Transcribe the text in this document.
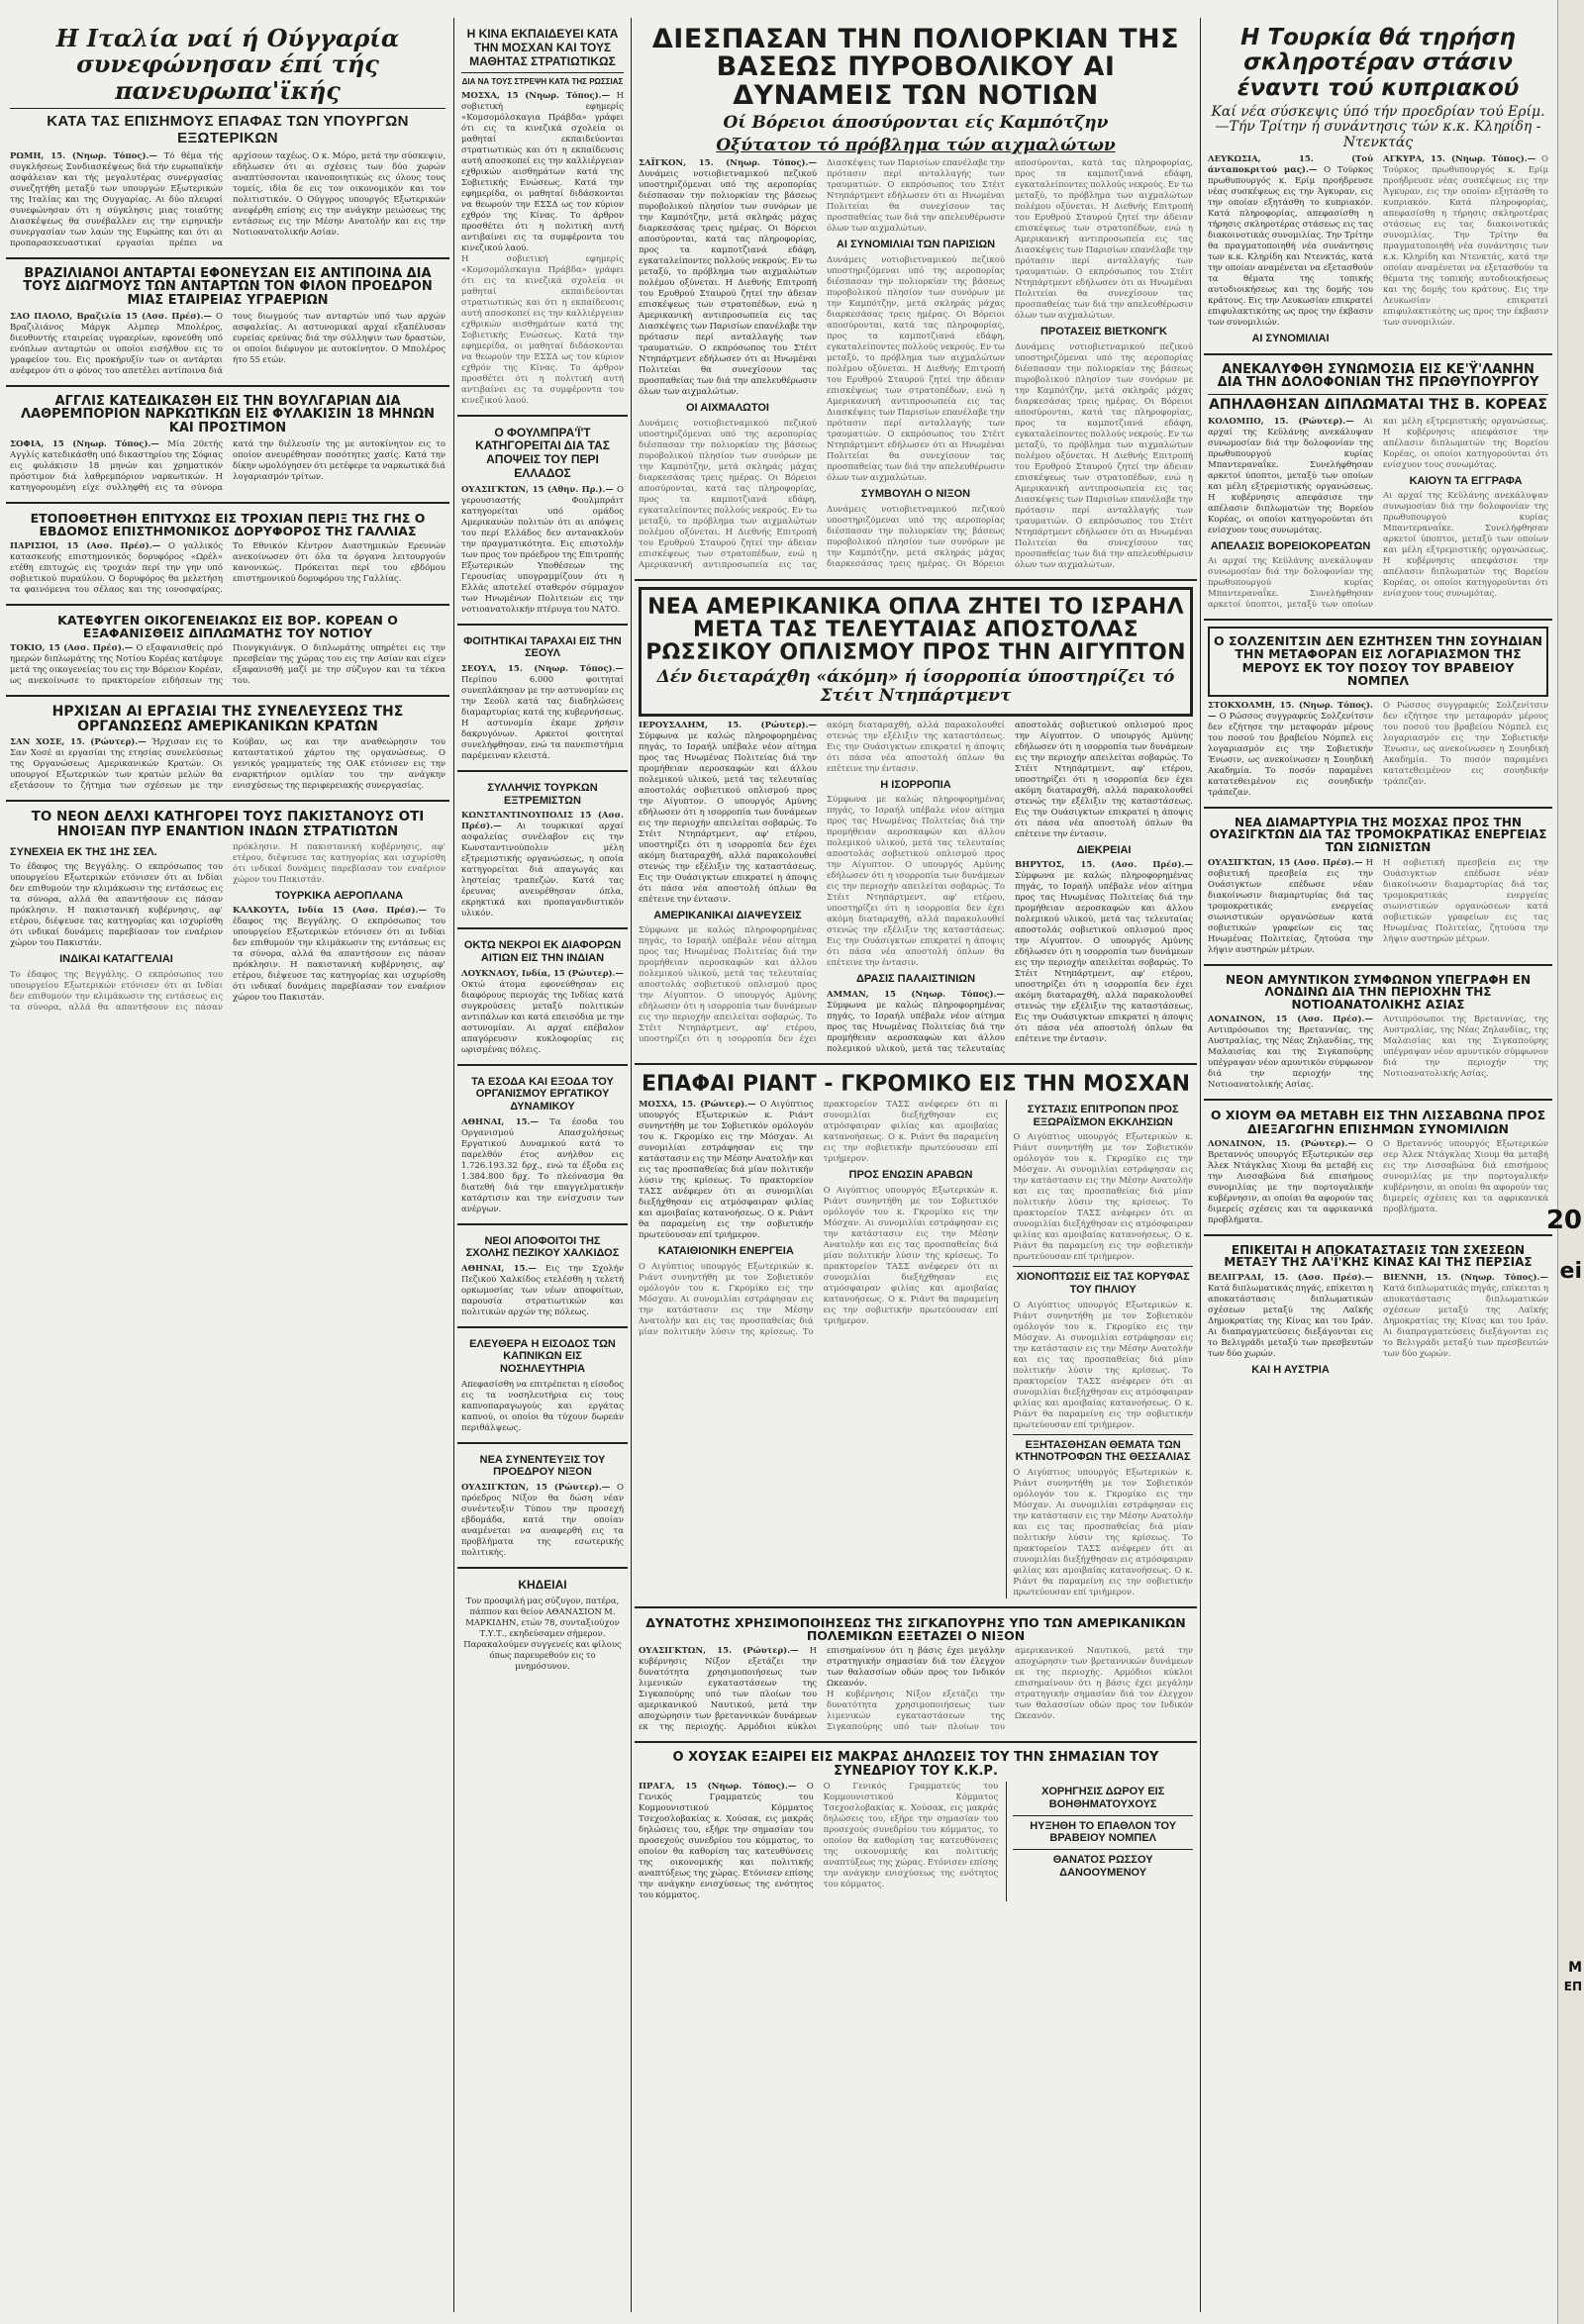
Η Ιταλία ναί ή Ούγγαρία συνεφώνησαν έπί τής πανευρωπα'ϊκής
ΚΑΤΑ ΤΑΣ ΕΠΙΣΗΜΟΥΣ ΕΠΑΦΑΣ ΤΩΝ ΥΠΟΥΡΓΩΝ ΕΞΩΤΕΡΙΚΩΝ

ΡΩΜΗ, 15. (Νηωρ. Τόπος).— Τό θέμα τής συγκλήσεως Συνδιασκέψεως διά τήν ευρωπαϊκήν ασφάλειαν και τής μεγαλυτέρας συνεργασίας συνεζητήθη μεταξύ των υπουργών Εξωτερικών της Ιταλίας και της Ουγγαρίας. Αι δύο πλευραί συνεφώνησαν ότι η σύγκλησις μιας τοιαύτης Διασκέψεως θα συνέβαλλεν εις την ειρηνικήν συνεργασίαν των λαών της Ευρώπης και ότι αι προπαρασκευαστικαί εργασίαι πρέπει να αρχίσουν ταχέως. Ο κ. Μόρο, μετά την σύσκεψιν, εδήλωσεν ότι αι σχέσεις των δύο χωρών αναπτύσσονται ικανοποιητικώς εις όλους τους τομείς, ιδία δε εις τον οικονομικόν και τον πολιτιστικόν. Ο Ούγγρος υπουργός Εξωτερικών ανεφέρθη επίσης εις την ανάγκην μειώσεως της εντάσεως εις την Μέσην Ανατολήν και εις την Νοτιοανατολικήν Ασίαν.

ΒΡΑΖΙΛΙΑΝΟΙ ΑΝΤΑΡΤΑΙ ΕΦΟΝΕΥΣΑΝ ΕΙΣ ΑΝΤΙΠΟΙΝΑ ΔΙΑ ΤΟΥΣ ΔΙΩΓΜΟΥΣ ΤΩΝ ΑΝΤΑΡΤΩΝ ΤΟΝ ΦΙΛΟΝ ΠΡΟΕΔΡΟΝ ΜΙΑΣ ΕΤΑΙΡΕΙΑΣ ΥΓΡΑΕΡΙΩΝ

ΣΑΟ ΠΑΟΛΟ, Βραζιλία 15 (Ασσ. Πρέσ).— Ο Βραζιλιάνος Μάργκ Αλμπερ Μπολέρος, διευθυντής εταιρείας υγραερίων, εφονεύθη υπό ενόπλων ανταρτών οι οποίοι εισήλθον εις το γραφείον του. Εις προκήρυξίν των οι αντάρται ανέφερον ότι ο φόνος του απετέλει αντίποινα διά τους διωγμούς των ανταρτών υπό των αρχών ασφαλείας. Αι αστυνομικαί αρχαί εξαπέλυσαν ευρείας ερεύνας διά την σύλληψιν των δραστών, οι οποίοι διέφυγον με αυτοκίνητον. Ο Μπολέρος ήτο 55 ετών.

ΑΓΓΛΙΣ ΚΑΤΕΔΙΚΑΣΘΗ ΕΙΣ ΤΗΝ ΒΟΥΛΓΑΡΙΑΝ ΔΙΑ ΛΑΘΡΕΜΠΟΡΙΟΝ ΝΑΡΚΩΤΙΚΩΝ ΕΙΣ ΦΥΛΑΚΙΣΙΝ 18 ΜΗΝΩΝ ΚΑΙ ΠΡΟΣΤΙΜΟΝ

ΣΟΦΙΑ, 15 (Νηωρ. Τόπος).— Μία 20ετής Αγγλίς κατεδικάσθη υπό δικαστηρίου της Σόφιας εις φυλάκισιν 18 μηνών και χρηματικόν πρόστιμον διά λαθρεμπόριον ναρκωτικών. Η κατηγορουμένη είχε συλληφθή εις τα σύνορα κατά την διέλευσίν της με αυτοκίνητον εις το οποίον ανευρέθησαν ποσότητες χασίς. Κατά την δίκην ωμολόγησεν ότι μετέφερε τα ναρκωτικά διά λογαριασμόν τρίτων.

ΕΤΟΠΟΘΕΤΗΘΗ ΕΠΙΤΥΧΩΣ ΕΙΣ ΤΡΟΧΙΑΝ ΠΕΡΙΞ ΤΗΣ ΓΗΣ Ο ΕΒΔΟΜΟΣ ΕΠΙΣΤΗΜΟΝΙΚΟΣ ΔΟΡΥΦΟΡΟΣ ΤΗΣ ΓΑΛΛΙΑΣ

ΠΑΡΙΣΙΟΙ, 15 (Ασσ. Πρέσ).— Ο γαλλικός κατασκευής επιστημονικός δορυφόρος «Ωρέλ» ετέθη επιτυχώς εις τροχιάν περί την γην υπό σοβιετικού πυραύλου. Ο δορυφόρος θα μελετήση τα φαινόμενα του σέλαος και της ιονοσφαίρας. Το Εθνικόν Κέντρον Διαστημικών Ερευνών ανεκοίνωσεν ότι όλα τα όργανα λειτουργούν κανονικώς. Πρόκειται περί του εβδόμου επιστημονικού δορυφόρου της Γαλλίας.

ΚΑΤΕΦΥΓΕΝ ΟΙΚΟΓΕΝΕΙΑΚΩΣ ΕΙΣ ΒΟΡ. ΚΟΡΕΑΝ Ο ΕΞΑΦΑΝΙΣΘΕΙΣ ΔΙΠΛΩΜΑΤΗΣ ΤΟΥ ΝΟΤΙΟΥ

ΤΟΚΙΟ, 15 (Ασσ. Πρέσ).— Ο εξαφανισθείς πρό ημερών διπλωμάτης της Νοτίου Κορέας κατέφυγε μετά της οικογενείας του εις την Βόρειον Κορέαν, ως ανεκοίνωσε το πρακτορείον ειδήσεων της Πιονγκγιάνγκ. Ο διπλωμάτης υπηρέτει εις την πρεσβείαν της χώρας του εις την Ασίαν και είχεν εξαφανισθή μαζί με την σύζυγον και τα τέκνα του.

ΗΡΧΙΣΑΝ ΑΙ ΕΡΓΑΣΙΑΙ ΤΗΣ ΣΥΝΕΛΕΥΣΕΩΣ ΤΗΣ ΟΡΓΑΝΩΣΕΩΣ ΑΜΕΡΙΚΑΝΙΚΩΝ ΚΡΑΤΩΝ

ΣΑΝ ΧΟΣΕ, 15. (Ρώυτερ).— Ήρχισαν εις το Σαν Χοσέ αι εργασίαι της ετησίας συνελεύσεως της Οργανώσεως Αμερικανικών Κρατών. Οι υπουργοί Εξωτερικών των κρατών μελών θα εξετάσουν το ζήτημα των σχέσεων με την Κούβαν, ως και την αναθεώρησιν του καταστατικού χάρτου της οργανώσεως. Ο γενικός γραμματεύς της ΟΑΚ ετόνισεν εις την εναρκτήριον ομιλίαν του την ανάγκην ενισχύσεως της περιφερειακής συνεργασίας.

ΤΟ ΝΕΟΝ ΔΕΛΧΙ ΚΑΤΗΓΟΡΕΙ ΤΟΥΣ ΠΑΚΙΣΤΑΝΟΥΣ ΟΤΙ ΗΝΟΙΞΑΝ ΠΥΡ ΕΝΑΝΤΙΟΝ ΙΝΔΩΝ ΣΤΡΑΤΙΩΤΩΝ
ΣΥΝΕΧΕΙΑ ΕΚ ΤΗΣ 1ΗΣ ΣΕΛ.

Το έδαφος της Βεγγάλης. Ο εκπρόσωπος του υπουργείου Εξωτερικών ετόνισεν ότι αι Ινδίαι δεν επιθυμούν την κλιμάκωσιν της εντάσεως εις τα σύνορα, αλλά θα απαντήσουν εις πάσαν πρόκλησιν. Η πακιστανική κυβέρνησις, αφ' ετέρου, διέψευσε τας κατηγορίας και ισχυρίσθη ότι ινδικαί δυνάμεις παρεβίασαν τον εναέριον χώρον του Πακιστάν.

ΙΝΔΙΚΑΙ ΚΑΤΑΓΓΕΛΙΑΙ

Το έδαφος της Βεγγάλης. Ο εκπρόσωπος του υπουργείου Εξωτερικών ετόνισεν ότι αι Ινδίαι δεν επιθυμούν την κλιμάκωσιν της εντάσεως εις τα σύνορα, αλλά θα απαντήσουν εις πάσαν πρόκλησιν. Η πακιστανική κυβέρνησις, αφ' ετέρου, διέψευσε τας κατηγορίας και ισχυρίσθη ότι ινδικαί δυνάμεις παρεβίασαν τον εναέριον χώρον του Πακιστάν.

ΤΟΥΡΚΙΚΑ ΑΕΡΟΠΛΑΝΑ

ΚΑΛΚΟΥΤΑ, Ινδία 15 (Ασσ. Πρέσ).— Το έδαφος της Βεγγάλης. Ο εκπρόσωπος του υπουργείου Εξωτερικών ετόνισεν ότι αι Ινδίαι δεν επιθυμούν την κλιμάκωσιν της εντάσεως εις τα σύνορα, αλλά θα απαντήσουν εις πάσαν πρόκλησιν. Η πακιστανική κυβέρνησις, αφ' ετέρου, διέψευσε τας κατηγορίας και ισχυρίσθη ότι ινδικαί δυνάμεις παρεβίασαν τον εναέριον χώρον του Πακιστάν.

Η ΚΙΝΑ ΕΚΠΑΙΔΕΥΕΙ ΚΑΤΑ ΤΗΝ ΜΟΣΧΑΝ ΚΑΙ ΤΟΥΣ ΜΑΘΗΤΑΣ ΣΤΡΑΤΙΩΤΙΚΩΣ
ΔΙΑ ΝΑ ΤΟΥΣ ΣΤΡΕΨΗ ΚΑΤΑ ΤΗΣ ΡΩΣΣΙΑΣ

ΜΟΣΧΑ, 15 (Νηωρ. Τόπος).— Η σοβιετική εφημερίς «Κομσομόλσκαγια Πράβδα» γράφει ότι εις τα κινεζικά σχολεία οι μαθηταί εκπαιδεύονται στρατιωτικώς και ότι η εκπαίδευσις αυτή αποσκοπεί εις την καλλιέργειαν εχθρικών αισθημάτων κατά της Σοβιετικής Ενώσεως. Κατά την εφημερίδα, οι μαθηταί διδάσκονται να θεωρούν την ΕΣΣΔ ως τον κύριον εχθρόν της Κίνας. Το άρθρον προσθέτει ότι η πολιτική αυτή αντιβαίνει εις τα συμφέροντα του κινεζικού λαού.

Η σοβιετική εφημερίς «Κομσομόλσκαγια Πράβδα» γράφει ότι εις τα κινεζικά σχολεία οι μαθηταί εκπαιδεύονται στρατιωτικώς και ότι η εκπαίδευσις αυτή αποσκοπεί εις την καλλιέργειαν εχθρικών αισθημάτων κατά της Σοβιετικής Ενώσεως. Κατά την εφημερίδα, οι μαθηταί διδάσκονται να θεωρούν την ΕΣΣΔ ως τον κύριον εχθρόν της Κίνας. Το άρθρον προσθέτει ότι η πολιτική αυτή αντιβαίνει εις τα συμφέροντα του κινεζικού λαού.

Ο ΦΟΥΛΜΠΡΑ'Ϊ'Τ ΚΑΤΗΓΟΡΕΙΤΑΙ ΔΙΑ ΤΑΣ ΑΠΟΨΕΙΣ ΤΟΥ ΠΕΡΙ ΕΛΛΑΔΟΣ

ΟΥΑΣΙΓΚΤΩΝ, 15 (Αθην. Πρ.).— Ο γερουσιαστής Φουλμπράιτ κατηγορείται υπό ομάδος Αμερικανών πολιτών ότι αι απόψεις του περί Ελλάδος δεν αντανακλούν την πραγματικότητα. Εις επιστολήν των προς τον πρόεδρον της Επιτροπής Εξωτερικών Υποθέσεων της Γερουσίας υπογραμμίζουν ότι η Ελλάς αποτελεί σταθερόν σύμμαχον των Ηνωμένων Πολιτειών εις την νοτιοανατολικήν πτέρυγα του ΝΑΤΟ.

ΦΟΙΤΗΤΙΚΑΙ ΤΑΡΑΧΑΙ ΕΙΣ ΤΗΝ ΣΕΟΥΛ

ΣΕΟΥΛ, 15. (Νηωρ. Τόπος).— Περίπου 6.000 φοιτηταί συνεπλάκησαν με την αστυνομίαν εις την Σεούλ κατά τας διαδηλώσεις διαμαρτυρίας κατά της κυβερνήσεως. Η αστυνομία έκαμε χρήσιν δακρυγόνων. Αρκετοί φοιτηταί συνελήφθησαν, ενώ τα πανεπιστήμια παρέμειναν κλειστά.

ΣΥΛΛΗΨΙΣ ΤΟΥΡΚΩΝ ΕΞΤΡΕΜΙΣΤΩΝ

ΚΩΝΣΤΑΝΤΙΝΟΥΠΟΛΙΣ 15 (Ασσ. Πρέσ).— Αι τουρκικαί αρχαί ασφαλείας συνέλαβον εις την Κωνσταντινούπολιν μέλη εξτρεμιστικής οργανώσεως, η οποία κατηγορείται διά απαγωγάς και ληστείας τραπεζών. Κατά τας έρευνας ανευρέθησαν όπλα, εκρηκτικά και προπαγανδιστικόν υλικόν.

ΟΚΤΩ ΝΕΚΡΟΙ ΕΚ ΔΙΑΦΟΡΩΝ ΑΙΤΙΩΝ ΕΙΣ ΤΗΝ ΙΝΔΙΑΝ

ΛΟΥΚΝΑΟΥ, Ινδία, 15 (Ρώυτερ).— Οκτώ άτομα εφονεύθησαν εις διαφόρους περιοχάς της Ινδίας κατά συγκρούσεις μεταξύ πολιτικών αντιπάλων και κατά επεισόδια με την αστυνομίαν. Αι αρχαί επέβαλον απαγόρευσιν κυκλοφορίας εις ωρισμένας πόλεις.

ΤΑ ΕΣΟΔΑ ΚΑΙ ΕΞΟΔΑ ΤΟΥ ΟΡΓΑΝΙΣΜΟΥ ΕΡΓΑΤΙΚΟΥ ΔΥΝΑΜΙΚΟΥ

ΑΘΗΝΑΙ, 15.— Τα έσοδα του Οργανισμού Απασχολήσεως Εργατικού Δυναμικού κατά το παρελθόν έτος ανήλθον εις 1.726.193.32 δρχ., ενώ τα έξοδα εις 1.384.800 δρχ. Το πλεόνασμα θα διατεθή διά την επαγγελματικήν κατάρτισιν και την ενίσχυσιν των ανέργων.

ΝΕΟΙ ΑΠΟΦΟΙΤΟΙ ΤΗΣ ΣΧΟΛΗΣ ΠΕΖΙΚΟΥ ΧΑΛΚΙΔΟΣ

ΑΘΗΝΑΙ, 15.— Εις την Σχολήν Πεζικού Χαλκίδος ετελέσθη η τελετή ορκωμοσίας των νέων αποφοίτων, παρουσία στρατιωτικών και πολιτικών αρχών της πόλεως.

ΕΛΕΥΘΕΡΑ Η ΕΙΣΟΔΟΣ ΤΩΝ ΚΑΠΝΙΚΩΝ ΕΙΣ ΝΟΣΗΛΕΥΤΗΡΙΑ

Απεφασίσθη να επιτρέπεται η είσοδος εις τα νοσηλευτήρια εις τους καπνοπαραγωγούς και εργάτας καπνού, οι οποίοι θα τύχουν δωρεάν περιθάλψεως.

ΝΕΑ ΣΥΝΕΝΤΕΥΞΙΣ ΤΟΥ ΠΡΟΕΔΡΟΥ ΝΙΞΟΝ

ΟΥΑΣΙΓΚΤΩΝ, 15 (Ρώυτερ).— Ο πρόεδρος Νίξον θα δώση νέαν συνέντευξιν Τύπου την προσεχή εβδομάδα, κατά την οποίαν αναμένεται να αναφερθή εις τα προβλήματα της εσωτερικής πολιτικής.

ΚΗΔΕΙΑΙ

Τον προσφιλή μας σύζυγον, πατέρα, πάππον και θείον ΑΘΑΝΑΣΙΟΝ Μ. ΜΑΡΚΙΔΗΝ, ετών 78, συνταξιούχον Τ.Υ.Τ., εκηδεύσαμεν σήμερον. Παρακαλούμεν συγγενείς και φίλους όπως παρευρεθούν εις το μνημόσυνον.

ΔΙΕΣΠΑΣΑΝ ΤΗΝ ΠΟΛΙΟΡΚΙΑΝ ΤΗΣ ΒΑΣΕΩΣ ΠΥΡΟΒΟΛΙΚΟΥ ΑΙ ΔΥΝΑΜΕΙΣ ΤΩΝ ΝΟΤΙΩΝ
Οί Βόρειοι άποσύρονται είς Καμπότζην
Οξύτατον τό πρόβλημα τών αιχμαλώτων

ΣΑΪΓΚΟΝ, 15. (Νηωρ. Τόπος).— Δυνάμεις νοτιοβιετναμικού πεζικού υποστηριζόμεναι υπό της αεροπορίας διέσπασαν την πολιορκίαν της βάσεως πυροβολικού πλησίον των συνόρων με την Καμπότζην, μετά σκληράς μάχας διαρκεσάσας τρεις ημέρας. Οι Βόρειοι αποσύρονται, κατά τας πληροφορίας, προς τα καμποτζιανά εδάφη, εγκαταλείποντες πολλούς νεκρούς. Εν τω μεταξύ, το πρόβλημα των αιχμαλώτων πολέμου οξύνεται. Η Διεθνής Επιτροπή του Ερυθρού Σταυρού ζητεί την άδειαν επισκέψεως των στρατοπέδων, ενώ η Αμερικανική αντιπροσωπεία εις τας Διασκέψεις των Παρισίων επανέλαβε την πρότασιν περί ανταλλαγής των τραυματιών. Ο εκπρόσωπος του Στέιτ Ντηπάρτμεντ εδήλωσεν ότι αι Ηνωμέναι Πολιτείαι θα συνεχίσουν τας προσπαθείας των διά την απελευθέρωσιν όλων των αιχμαλώτων.

ΟΙ ΑΙΧΜΑΛΩΤΟΙ

Δυνάμεις νοτιοβιετναμικού πεζικού υποστηριζόμεναι υπό της αεροπορίας διέσπασαν την πολιορκίαν της βάσεως πυροβολικού πλησίον των συνόρων με την Καμπότζην, μετά σκληράς μάχας διαρκεσάσας τρεις ημέρας. Οι Βόρειοι αποσύρονται, κατά τας πληροφορίας, προς τα καμποτζιανά εδάφη, εγκαταλείποντες πολλούς νεκρούς. Εν τω μεταξύ, το πρόβλημα των αιχμαλώτων πολέμου οξύνεται. Η Διεθνής Επιτροπή του Ερυθρού Σταυρού ζητεί την άδειαν επισκέψεως των στρατοπέδων, ενώ η Αμερικανική αντιπροσωπεία εις τας Διασκέψεις των Παρισίων επανέλαβε την πρότασιν περί ανταλλαγής των τραυματιών. Ο εκπρόσωπος του Στέιτ Ντηπάρτμεντ εδήλωσεν ότι αι Ηνωμέναι Πολιτείαι θα συνεχίσουν τας προσπαθείας των διά την απελευθέρωσιν όλων των αιχμαλώτων.

ΑΙ ΣΥΝΟΜΙΛΙΑΙ ΤΩΝ ΠΑΡΙΣΙΩΝ

Δυνάμεις νοτιοβιετναμικού πεζικού υποστηριζόμεναι υπό της αεροπορίας διέσπασαν την πολιορκίαν της βάσεως πυροβολικού πλησίον των συνόρων με την Καμπότζην, μετά σκληράς μάχας διαρκεσάσας τρεις ημέρας. Οι Βόρειοι αποσύρονται, κατά τας πληροφορίας, προς τα καμποτζιανά εδάφη, εγκαταλείποντες πολλούς νεκρούς. Εν τω μεταξύ, το πρόβλημα των αιχμαλώτων πολέμου οξύνεται. Η Διεθνής Επιτροπή του Ερυθρού Σταυρού ζητεί την άδειαν επισκέψεως των στρατοπέδων, ενώ η Αμερικανική αντιπροσωπεία εις τας Διασκέψεις των Παρισίων επανέλαβε την πρότασιν περί ανταλλαγής των τραυματιών. Ο εκπρόσωπος του Στέιτ Ντηπάρτμεντ εδήλωσεν ότι αι Ηνωμέναι Πολιτείαι θα συνεχίσουν τας προσπαθείας των διά την απελευθέρωσιν όλων των αιχμαλώτων.

ΣΥΜΒΟΥΛΗ Ο ΝΙΞΟΝ

Δυνάμεις νοτιοβιετναμικού πεζικού υποστηριζόμεναι υπό της αεροπορίας διέσπασαν την πολιορκίαν της βάσεως πυροβολικού πλησίον των συνόρων με την Καμπότζην, μετά σκληράς μάχας διαρκεσάσας τρεις ημέρας. Οι Βόρειοι αποσύρονται, κατά τας πληροφορίας, προς τα καμποτζιανά εδάφη, εγκαταλείποντες πολλούς νεκρούς. Εν τω μεταξύ, το πρόβλημα των αιχμαλώτων πολέμου οξύνεται. Η Διεθνής Επιτροπή του Ερυθρού Σταυρού ζητεί την άδειαν επισκέψεως των στρατοπέδων, ενώ η Αμερικανική αντιπροσωπεία εις τας Διασκέψεις των Παρισίων επανέλαβε την πρότασιν περί ανταλλαγής των τραυματιών. Ο εκπρόσωπος του Στέιτ Ντηπάρτμεντ εδήλωσεν ότι αι Ηνωμέναι Πολιτείαι θα συνεχίσουν τας προσπαθείας των διά την απελευθέρωσιν όλων των αιχμαλώτων.

ΠΡΟΤΑΣΕΙΣ ΒΙΕΤΚΟΝΓΚ

Δυνάμεις νοτιοβιετναμικού πεζικού υποστηριζόμεναι υπό της αεροπορίας διέσπασαν την πολιορκίαν της βάσεως πυροβολικού πλησίον των συνόρων με την Καμπότζην, μετά σκληράς μάχας διαρκεσάσας τρεις ημέρας. Οι Βόρειοι αποσύρονται, κατά τας πληροφορίας, προς τα καμποτζιανά εδάφη, εγκαταλείποντες πολλούς νεκρούς. Εν τω μεταξύ, το πρόβλημα των αιχμαλώτων πολέμου οξύνεται. Η Διεθνής Επιτροπή του Ερυθρού Σταυρού ζητεί την άδειαν επισκέψεως των στρατοπέδων, ενώ η Αμερικανική αντιπροσωπεία εις τας Διασκέψεις των Παρισίων επανέλαβε την πρότασιν περί ανταλλαγής των τραυματιών. Ο εκπρόσωπος του Στέιτ Ντηπάρτμεντ εδήλωσεν ότι αι Ηνωμέναι Πολιτείαι θα συνεχίσουν τας προσπαθείας των διά την απελευθέρωσιν όλων των αιχμαλώτων.

ΝΕΑ ΑΜΕΡΙΚΑΝΙΚΑ ΟΠΛΑ ΖΗΤΕΙ ΤΟ ΙΣΡΑΗΛ ΜΕΤΑ ΤΑΣ ΤΕΛΕΥΤΑΙΑΣ ΑΠΟΣΤΟΛΑΣ ΡΩΣΣΙΚΟΥ ΟΠΛΙΣΜΟΥ ΠΡΟΣ ΤΗΝ ΑΙΓΥΠΤΟΝ
Δέν διεταράχθη «άκόμη» ή ίσορροπία ύποστηρίζει τό Στέιτ Ντηπάρτμεντ

ΙΕΡΟΥΣΑΛΗΜ, 15. (Ρώυτερ).— Σύμφωνα με καλώς πληροφορημένας πηγάς, το Ισραήλ υπέβαλε νέον αίτημα προς τας Ηνωμένας Πολιτείας διά την προμήθειαν αεροσκαφών και άλλου πολεμικού υλικού, μετά τας τελευταίας αποστολάς σοβιετικού οπλισμού προς την Αίγυπτον. Ο υπουργός Αμύνης εδήλωσεν ότι η ισορροπία των δυνάμεων εις την περιοχήν απειλείται σοβαρώς. Το Στέιτ Ντηπάρτμεντ, αφ' ετέρου, υποστηρίζει ότι η ισορροπία δεν έχει ακόμη διαταραχθή, αλλά παρακολουθεί στενώς την εξέλιξιν της καταστάσεως. Εις την Ουάσιγκτων επικρατεί η άποψις ότι πάσα νέα αποστολή όπλων θα επέτεινε την έντασιν.

ΑΜΕΡΙΚΑΝΙΚΑΙ ΔΙΑΨΕΥΣΕΙΣ

Σύμφωνα με καλώς πληροφορημένας πηγάς, το Ισραήλ υπέβαλε νέον αίτημα προς τας Ηνωμένας Πολιτείας διά την προμήθειαν αεροσκαφών και άλλου πολεμικού υλικού, μετά τας τελευταίας αποστολάς σοβιετικού οπλισμού προς την Αίγυπτον. Ο υπουργός Αμύνης εδήλωσεν ότι η ισορροπία των δυνάμεων εις την περιοχήν απειλείται σοβαρώς. Το Στέιτ Ντηπάρτμεντ, αφ' ετέρου, υποστηρίζει ότι η ισορροπία δεν έχει ακόμη διαταραχθή, αλλά παρακολουθεί στενώς την εξέλιξιν της καταστάσεως. Εις την Ουάσιγκτων επικρατεί η άποψις ότι πάσα νέα αποστολή όπλων θα επέτεινε την έντασιν.

Η ΙΣΟΡΡΟΠΙΑ

Σύμφωνα με καλώς πληροφορημένας πηγάς, το Ισραήλ υπέβαλε νέον αίτημα προς τας Ηνωμένας Πολιτείας διά την προμήθειαν αεροσκαφών και άλλου πολεμικού υλικού, μετά τας τελευταίας αποστολάς σοβιετικού οπλισμού προς την Αίγυπτον. Ο υπουργός Αμύνης εδήλωσεν ότι η ισορροπία των δυνάμεων εις την περιοχήν απειλείται σοβαρώς. Το Στέιτ Ντηπάρτμεντ, αφ' ετέρου, υποστηρίζει ότι η ισορροπία δεν έχει ακόμη διαταραχθή, αλλά παρακολουθεί στενώς την εξέλιξιν της καταστάσεως. Εις την Ουάσιγκτων επικρατεί η άποψις ότι πάσα νέα αποστολή όπλων θα επέτεινε την έντασιν.

ΔΡΑΣΙΣ ΠΑΛΑΙΣΤΙΝΙΩΝ

ΑΜΜΑΝ, 15 (Νηωρ. Τόπος).— Σύμφωνα με καλώς πληροφορημένας πηγάς, το Ισραήλ υπέβαλε νέον αίτημα προς τας Ηνωμένας Πολιτείας διά την προμήθειαν αεροσκαφών και άλλου πολεμικού υλικού, μετά τας τελευταίας αποστολάς σοβιετικού οπλισμού προς την Αίγυπτον. Ο υπουργός Αμύνης εδήλωσεν ότι η ισορροπία των δυνάμεων εις την περιοχήν απειλείται σοβαρώς. Το Στέιτ Ντηπάρτμεντ, αφ' ετέρου, υποστηρίζει ότι η ισορροπία δεν έχει ακόμη διαταραχθή, αλλά παρακολουθεί στενώς την εξέλιξιν της καταστάσεως. Εις την Ουάσιγκτων επικρατεί η άποψις ότι πάσα νέα αποστολή όπλων θα επέτεινε την έντασιν.

ΔΙΕΚΡΕΙΑΙ

ΒΗΡΥΤΟΣ, 15. (Ασσ. Πρέσ).— Σύμφωνα με καλώς πληροφορημένας πηγάς, το Ισραήλ υπέβαλε νέον αίτημα προς τας Ηνωμένας Πολιτείας διά την προμήθειαν αεροσκαφών και άλλου πολεμικού υλικού, μετά τας τελευταίας αποστολάς σοβιετικού οπλισμού προς την Αίγυπτον. Ο υπουργός Αμύνης εδήλωσεν ότι η ισορροπία των δυνάμεων εις την περιοχήν απειλείται σοβαρώς. Το Στέιτ Ντηπάρτμεντ, αφ' ετέρου, υποστηρίζει ότι η ισορροπία δεν έχει ακόμη διαταραχθή, αλλά παρακολουθεί στενώς την εξέλιξιν της καταστάσεως. Εις την Ουάσιγκτων επικρατεί η άποψις ότι πάσα νέα αποστολή όπλων θα επέτεινε την έντασιν.

ΕΠΑΦΑΙ ΡΙΑΝΤ - ΓΚΡΟΜΙΚΟ ΕΙΣ ΤΗΝ ΜΟΣΧΑΝ

ΜΟΣΧΑ, 15. (Ρώυτερ).— Ο Αιγύπτιος υπουργός Εξωτερικών κ. Ριάντ συνηντήθη με τον Σοβιετικόν ομόλογόν του κ. Γκρομίκο εις την Μόσχαν. Αι συνομιλίαι εστράφησαν εις την κατάστασιν εις την Μέσην Ανατολήν και εις τας προσπαθείας διά μίαν πολιτικήν λύσιν της κρίσεως. Το πρακτορείον ΤΑΣΣ ανέφερεν ότι αι συνομιλίαι διεξήχθησαν εις ατμόσφαιραν φιλίας και αμοιβαίας κατανοήσεως. Ο κ. Ριάντ θα παραμείνη εις την σοβιετικήν πρωτεύουσαν επί τριήμερον.

ΚΑΤΑΙΘΙΟΝΙΚΗ ΕΝΕΡΓΕΙΑ

Ο Αιγύπτιος υπουργός Εξωτερικών κ. Ριάντ συνηντήθη με τον Σοβιετικόν ομόλογόν του κ. Γκρομίκο εις την Μόσχαν. Αι συνομιλίαι εστράφησαν εις την κατάστασιν εις την Μέσην Ανατολήν και εις τας προσπαθείας διά μίαν πολιτικήν λύσιν της κρίσεως. Το πρακτορείον ΤΑΣΣ ανέφερεν ότι αι συνομιλίαι διεξήχθησαν εις ατμόσφαιραν φιλίας και αμοιβαίας κατανοήσεως. Ο κ. Ριάντ θα παραμείνη εις την σοβιετικήν πρωτεύουσαν επί τριήμερον.

ΠΡΟΣ ΕΝΩΣΙΝ ΑΡΑΒΩΝ

Ο Αιγύπτιος υπουργός Εξωτερικών κ. Ριάντ συνηντήθη με τον Σοβιετικόν ομόλογόν του κ. Γκρομίκο εις την Μόσχαν. Αι συνομιλίαι εστράφησαν εις την κατάστασιν εις την Μέσην Ανατολήν και εις τας προσπαθείας διά μίαν πολιτικήν λύσιν της κρίσεως. Το πρακτορείον ΤΑΣΣ ανέφερεν ότι αι συνομιλίαι διεξήχθησαν εις ατμόσφαιραν φιλίας και αμοιβαίας κατανοήσεως. Ο κ. Ριάντ θα παραμείνη εις την σοβιετικήν πρωτεύουσαν επί τριήμερον.

ΣΥΣΤΑΣΙΣ ΕΠΙΤΡΟΠΩΝ ΠΡΟΣ ΕΞΩΡΑΪΣΜΟΝ ΕΚΚΛΗΣΙΩΝ

Ο Αιγύπτιος υπουργός Εξωτερικών κ. Ριάντ συνηντήθη με τον Σοβιετικόν ομόλογόν του κ. Γκρομίκο εις την Μόσχαν. Αι συνομιλίαι εστράφησαν εις την κατάστασιν εις την Μέσην Ανατολήν και εις τας προσπαθείας διά μίαν πολιτικήν λύσιν της κρίσεως. Το πρακτορείον ΤΑΣΣ ανέφερεν ότι αι συνομιλίαι διεξήχθησαν εις ατμόσφαιραν φιλίας και αμοιβαίας κατανοήσεως. Ο κ. Ριάντ θα παραμείνη εις την σοβιετικήν πρωτεύουσαν επί τριήμερον.

ΧΙΟΝΟΠΤΩΣΙΣ ΕΙΣ ΤΑΣ ΚΟΡΥΦΑΣ ΤΟΥ ΠΗΛΙΟΥ

Ο Αιγύπτιος υπουργός Εξωτερικών κ. Ριάντ συνηντήθη με τον Σοβιετικόν ομόλογόν του κ. Γκρομίκο εις την Μόσχαν. Αι συνομιλίαι εστράφησαν εις την κατάστασιν εις την Μέσην Ανατολήν και εις τας προσπαθείας διά μίαν πολιτικήν λύσιν της κρίσεως. Το πρακτορείον ΤΑΣΣ ανέφερεν ότι αι συνομιλίαι διεξήχθησαν εις ατμόσφαιραν φιλίας και αμοιβαίας κατανοήσεως. Ο κ. Ριάντ θα παραμείνη εις την σοβιετικήν πρωτεύουσαν επί τριήμερον.

ΕΞΗΤΑΣΘΗΣΑΝ ΘΕΜΑΤΑ ΤΩΝ ΚΤΗΝΟΤΡΟΦΩΝ ΤΗΣ ΘΕΣΣΑΛΙΑΣ

Ο Αιγύπτιος υπουργός Εξωτερικών κ. Ριάντ συνηντήθη με τον Σοβιετικόν ομόλογόν του κ. Γκρομίκο εις την Μόσχαν. Αι συνομιλίαι εστράφησαν εις την κατάστασιν εις την Μέσην Ανατολήν και εις τας προσπαθείας διά μίαν πολιτικήν λύσιν της κρίσεως. Το πρακτορείον ΤΑΣΣ ανέφερεν ότι αι συνομιλίαι διεξήχθησαν εις ατμόσφαιραν φιλίας και αμοιβαίας κατανοήσεως. Ο κ. Ριάντ θα παραμείνη εις την σοβιετικήν πρωτεύουσαν επί τριήμερον.

ΔΥΝΑΤΟΤΗΣ ΧΡΗΣΙΜΟΠΟΙΗΣΕΩΣ ΤΗΣ ΣΙΓΚΑΠΟΥΡΗΣ ΥΠΟ ΤΩΝ ΑΜΕΡΙΚΑΝΙΚΩΝ ΠΟΛΕΜΙΚΩΝ ΕΞΕΤΑΖΕΙ Ο ΝΙΞΟΝ

ΟΥΑΣΙΓΚΤΩΝ, 15. (Ρώυτερ).— Η κυβέρνησις Νίξον εξετάζει την δυνατότητα χρησιμοποιήσεως των λιμενικών εγκαταστάσεων της Σιγκαπούρης υπό των πλοίων του αμερικανικού Ναυτικού, μετά την αποχώρησιν των βρεταννικών δυνάμεων εκ της περιοχής. Αρμόδιοι κύκλοι επισημαίνουν ότι η βάσις έχει μεγάλην στρατηγικήν σημασίαν διά τον έλεγχον των θαλασσίων οδών προς τον Ινδικόν Ωκεανόν.

Η κυβέρνησις Νίξον εξετάζει την δυνατότητα χρησιμοποιήσεως των λιμενικών εγκαταστάσεων της Σιγκαπούρης υπό των πλοίων του αμερικανικού Ναυτικού, μετά την αποχώρησιν των βρεταννικών δυνάμεων εκ της περιοχής. Αρμόδιοι κύκλοι επισημαίνουν ότι η βάσις έχει μεγάλην στρατηγικήν σημασίαν διά τον έλεγχον των θαλασσίων οδών προς τον Ινδικόν Ωκεανόν.

Ο ΧΟΥΣΑΚ ΕΞΑΙΡΕΙ ΕΙΣ ΜΑΚΡΑΣ ΔΗΛΩΣΕΙΣ ΤΟΥ ΤΗΝ ΣΗΜΑΣΙΑΝ ΤΟΥ ΣΥΝΕΔΡΙΟΥ ΤΟΥ Κ.Κ.Ρ.

ΠΡΑΓΑ, 15 (Νηωρ. Τόπος).— Ο Γενικός Γραμματεύς του Κομμουνιστικού Κόμματος Τσεχοσλοβακίας κ. Χούσακ, εις μακράς δηλώσεις του, εξήρε την σημασίαν του προσεχούς συνεδρίου του κόμματος, το οποίον θα καθορίση τας κατευθύνσεις της οικονομικής και πολιτικής αναπτύξεως της χώρας. Ετόνισεν επίσης την ανάγκην ενισχύσεως της ενότητος του κόμματος.

Ο Γενικός Γραμματεύς του Κομμουνιστικού Κόμματος Τσεχοσλοβακίας κ. Χούσακ, εις μακράς δηλώσεις του, εξήρε την σημασίαν του προσεχούς συνεδρίου του κόμματος, το οποίον θα καθορίση τας κατευθύνσεις της οικονομικής και πολιτικής αναπτύξεως της χώρας. Ετόνισεν επίσης την ανάγκην ενισχύσεως της ενότητος του κόμματος.

ΧΟΡΗΓΗΣΙΣ ΔΩΡΟΥ ΕΙΣ ΒΟΗΘΗΜΑΤΟΥΧΟΥΣ
ΗΥΞΗΘΗ ΤΟ ΕΠΑΘΛΟΝ ΤΟΥ ΒΡΑΒΕΙΟΥ ΝΟΜΠΕΛ
ΘΑΝΑΤΟΣ ΡΩΣΣΟΥ ΔΑΝΟΟΥΜΕΝΟΥ
Η Τουρκία θά τηρήση σκληροτέραν στάσιν έναντι τού κυπριακού
Καί νέα σύσκεψις ύπό τήν προεδρίαν τού Ερίμ.—Τήν Τρίτην ή συνάντησις τών κ.κ. Κληρίδη - Ντενκτάς

ΛΕΥΚΩΣΙΑ, 15. (Τού άνταποκριτού μας).— Ο Τούρκος πρωθυπουργός κ. Ερίμ προήδρευσε νέας συσκέψεως εις την Άγκυραν, εις την οποίαν εξητάσθη το κυπριακόν. Κατά πληροφορίας, απεφασίσθη η τήρησις σκληροτέρας στάσεως εις τας διακοινοτικάς συνομιλίας. Την Τρίτην θα πραγματοποιηθή νέα συνάντησις των κ.κ. Κληρίδη και Ντενκτάς, κατά την οποίαν αναμένεται να εξετασθούν τα θέματα της τοπικής αυτοδιοικήσεως και της δομής του κράτους. Εις την Λευκωσίαν επικρατεί επιφυλακτικότης ως προς την έκβασιν των συνομιλιών.

ΑΙ ΣΥΝΟΜΙΛΙΑΙ

ΑΓΚΥΡΑ, 15. (Νηωρ. Τόπος).— Ο Τούρκος πρωθυπουργός κ. Ερίμ προήδρευσε νέας συσκέψεως εις την Άγκυραν, εις την οποίαν εξητάσθη το κυπριακόν. Κατά πληροφορίας, απεφασίσθη η τήρησις σκληροτέρας στάσεως εις τας διακοινοτικάς συνομιλίας. Την Τρίτην θα πραγματοποιηθή νέα συνάντησις των κ.κ. Κληρίδη και Ντενκτάς, κατά την οποίαν αναμένεται να εξετασθούν τα θέματα της τοπικής αυτοδιοικήσεως και της δομής του κράτους. Εις την Λευκωσίαν επικρατεί επιφυλακτικότης ως προς την έκβασιν των συνομιλιών.

ΑΝΕΚΑΛΥΦΘΗ ΣΥΝΩΜΟΣΙΑ ΕΙΣ ΚΕ'Ϋ'ΛΑΝΗΝ ΔΙΑ ΤΗΝ ΔΟΛΟΦΟΝΙΑΝ ΤΗΣ ΠΡΩΘΥΠΟΥΡΓΟΥ
ΑΠΗΛΑΘΗΣΑΝ ΔΙΠΛΩΜΑΤΑΙ ΤΗΣ Β. ΚΟΡΕΑΣ

ΚΟΛΟΜΠΟ, 15. (Ρώυτερ).— Αι αρχαί της Κεϋλάνης ανεκάλυψαν συνωμοσίαν διά την δολοφονίαν της πρωθυπουργού κυρίας Μπαντεραναΐκε. Συνελήφθησαν αρκετοί ύποπτοι, μεταξύ των οποίων και μέλη εξτρεμιστικής οργανώσεως. Η κυβέρνησις απεφάσισε την απέλασιν διπλωματών της Βορείου Κορέας, οι οποίοι κατηγορούνται ότι ενίσχυον τους συνωμότας.

ΑΠΕΛΑΣΙΣ ΒΟΡΕΙΟΚΟΡΕΑΤΩΝ

Αι αρχαί της Κεϋλάνης ανεκάλυψαν συνωμοσίαν διά την δολοφονίαν της πρωθυπουργού κυρίας Μπαντεραναΐκε. Συνελήφθησαν αρκετοί ύποπτοι, μεταξύ των οποίων και μέλη εξτρεμιστικής οργανώσεως. Η κυβέρνησις απεφάσισε την απέλασιν διπλωματών της Βορείου Κορέας, οι οποίοι κατηγορούνται ότι ενίσχυον τους συνωμότας.

ΚΑΙΟΥΝ ΤΑ ΕΓΓΡΑΦΑ

Αι αρχαί της Κεϋλάνης ανεκάλυψαν συνωμοσίαν διά την δολοφονίαν της πρωθυπουργού κυρίας Μπαντεραναΐκε. Συνελήφθησαν αρκετοί ύποπτοι, μεταξύ των οποίων και μέλη εξτρεμιστικής οργανώσεως. Η κυβέρνησις απεφάσισε την απέλασιν διπλωματών της Βορείου Κορέας, οι οποίοι κατηγορούνται ότι ενίσχυον τους συνωμότας.

Ο ΣΟΛΖΕΝΙΤΣΙΝ ΔΕΝ ΕΖΗΤΗΣΕΝ ΤΗΝ ΣΟΥΗΔΙΑΝ ΤΗΝ ΜΕΤΑΦΟΡΑΝ ΕΙΣ ΛΟΓΑΡΙΑΣΜΟΝ ΤΗΣ ΜΕΡΟΥΣ ΕΚ ΤΟΥ ΠΟΣΟΥ ΤΟΥ ΒΡΑΒΕΙΟΥ ΝΟΜΠΕΛ

ΣΤΟΚΧΟΛΜΗ, 15. (Νηωρ. Τόπος).— Ο Ρώσσος συγγραφεύς Σολζενίτσιν δεν εζήτησε την μεταφοράν μέρους του ποσού του βραβείου Νόμπελ εις λογαριασμόν εις την Σοβιετικήν Ένωσιν, ως ανεκοίνωσεν η Σουηδική Ακαδημία. Το ποσόν παραμένει κατατεθειμένον εις σουηδικήν τράπεζαν.

Ο Ρώσσος συγγραφεύς Σολζενίτσιν δεν εζήτησε την μεταφοράν μέρους του ποσού του βραβείου Νόμπελ εις λογαριασμόν εις την Σοβιετικήν Ένωσιν, ως ανεκοίνωσεν η Σουηδική Ακαδημία. Το ποσόν παραμένει κατατεθειμένον εις σουηδικήν τράπεζαν.

ΝΕΑ ΔΙΑΜΑΡΤΥΡΙΑ ΤΗΣ ΜΟΣΧΑΣ ΠΡΟΣ ΤΗΝ ΟΥΑΣΙΓΚΤΩΝ ΔΙΑ ΤΑΣ ΤΡΟΜΟΚΡΑΤΙΚΑΣ ΕΝΕΡΓΕΙΑΣ ΤΩΝ ΣΙΩΝΙΣΤΩΝ

ΟΥΑΣΙΓΚΤΩΝ, 15 (Ασσ. Πρέσ).— Η σοβιετική πρεσβεία εις την Ουάσιγκτων επέδωσε νέαν διακοίνωσιν διαμαρτυρίας διά τας τρομοκρατικάς ενεργείας σιωνιστικών οργανώσεων κατά σοβιετικών γραφείων εις τας Ηνωμένας Πολιτείας, ζητούσα την λήψιν αυστηρών μέτρων.

Η σοβιετική πρεσβεία εις την Ουάσιγκτων επέδωσε νέαν διακοίνωσιν διαμαρτυρίας διά τας τρομοκρατικάς ενεργείας σιωνιστικών οργανώσεων κατά σοβιετικών γραφείων εις τας Ηνωμένας Πολιτείας, ζητούσα την λήψιν αυστηρών μέτρων.

ΝΕΟΝ ΑΜΥΝΤΙΚΟΝ ΣΥΜΦΩΝΟΝ ΥΠΕΓΡΑΦΗ ΕΝ ΛΟΝΔΙΝΩ ΔΙΑ ΤΗΝ ΠΕΡΙΟΧΗΝ ΤΗΣ ΝΟΤΙΟΑΝΑΤΟΛΙΚΗΣ ΑΣΙΑΣ

ΛΟΝΔΙΝΟΝ, 15 (Ασσ. Πρέσ).— Αντιπρόσωποι της Βρεταννίας, της Αυστραλίας, της Νέας Ζηλανδίας, της Μαλαισίας και της Σιγκαπούρης υπέγραψαν νέον αμυντικόν σύμφωνον διά την περιοχήν της Νοτιοανατολικής Ασίας.

Αντιπρόσωποι της Βρεταννίας, της Αυστραλίας, της Νέας Ζηλανδίας, της Μαλαισίας και της Σιγκαπούρης υπέγραψαν νέον αμυντικόν σύμφωνον διά την περιοχήν της Νοτιοανατολικής Ασίας.

Ο ΧΙΟΥΜ ΘΑ ΜΕΤΑΒΗ ΕΙΣ ΤΗΝ ΛΙΣΣΑΒΩΝΑ ΠΡΟΣ ΔΙΕΞΑΓΩΓΗΝ ΕΠΙΣΗΜΩΝ ΣΥΝΟΜΙΛΙΩΝ

ΛΟΝΔΙΝΟΝ, 15. (Ρώυτερ).— Ο Βρεταννός υπουργός Εξωτερικών σερ Άλεκ Ντάγκλας Χιουμ θα μεταβή εις την Λισσαβώνα διά επισήμους συνομιλίας με την πορτογαλικήν κυβέρνησιν, αι οποίαι θα αφορούν τας διμερείς σχέσεις και τα αφρικανικά προβλήματα.

Ο Βρεταννός υπουργός Εξωτερικών σερ Άλεκ Ντάγκλας Χιουμ θα μεταβή εις την Λισσαβώνα διά επισήμους συνομιλίας με την πορτογαλικήν κυβέρνησιν, αι οποίαι θα αφορούν τας διμερείς σχέσεις και τα αφρικανικά προβλήματα.

ΕΠΙΚΕΙΤΑΙ Η ΑΠΟΚΑΤΑΣΤΑΣΙΣ ΤΩΝ ΣΧΕΣΕΩΝ ΜΕΤΑΞΥ ΤΗΣ ΛΑ'Ϊ'ΚΗΣ ΚΙΝΑΣ ΚΑΙ ΤΗΣ ΠΕΡΣΙΑΣ

ΒΕΛΙΓΡΑΔΙ, 15. (Ασσ. Πρέσ).— Κατά διπλωματικάς πηγάς, επίκειται η αποκατάστασις διπλωματικών σχέσεων μεταξύ της Λαϊκής Δημοκρατίας της Κίνας και του Ιράν. Αι διαπραγματεύσεις διεξάγονται εις το Βελιγράδι μεταξύ των πρεσβευτών των δύο χωρών.

ΚΑΙ Η ΑΥΣΤΡΙΑ

ΒΙΕΝΝΗ, 15. (Νηωρ. Τόπος).— Κατά διπλωματικάς πηγάς, επίκειται η αποκατάστασις διπλωματικών σχέσεων μεταξύ της Λαϊκής Δημοκρατίας της Κίνας και του Ιράν. Αι διαπραγματεύσεις διεξάγονται εις το Βελιγράδι μεταξύ των πρεσβευτών των δύο χωρών.

20
ei
M
EΠ
